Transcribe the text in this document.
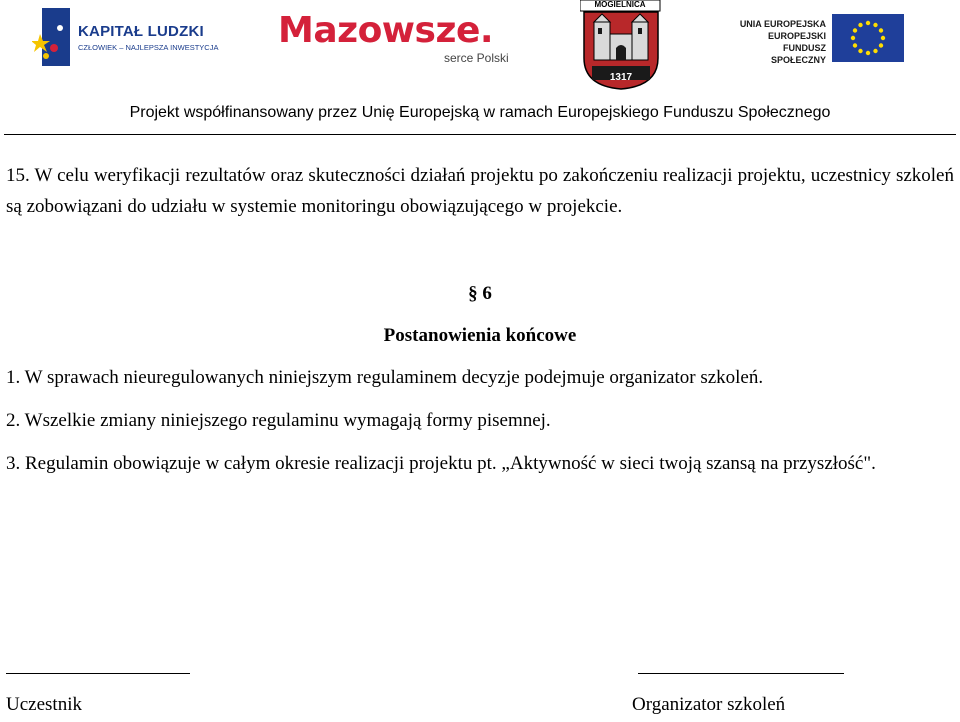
KAPITAŁ LUDZKI
CZŁOWIEK – NAJLEPSZA INWESTYCJA Mazowsze.
serce Polski
MOGIELNICA
1317
UNIA EUROPEJSKA
EUROPEJSKI
FUNDUSZ SPOŁECZNY
Projekt współfinansowany przez Unię Europejską w ramach Europejskiego Funduszu Społecznego
15. W celu weryfikacji rezultatów oraz skuteczności działań projektu po zakończeniu realizacji projektu, uczestnicy szkoleń są zobowiązani do udziału w systemie monitoringu obowiązującego w projekcie.
§ 6
Postanowienia końcowe
1. W sprawach nieuregulowanych niniejszym regulaminem decyzje podejmuje organizator szkoleń.
2. Wszelkie zmiany niniejszego regulaminu wymagają formy pisemnej.
3. Regulamin obowiązuje w całym okresie realizacji projektu pt. „Aktywność w sieci twoją szansą na przyszłość".
Uczestnik	Organizator szkoleń
